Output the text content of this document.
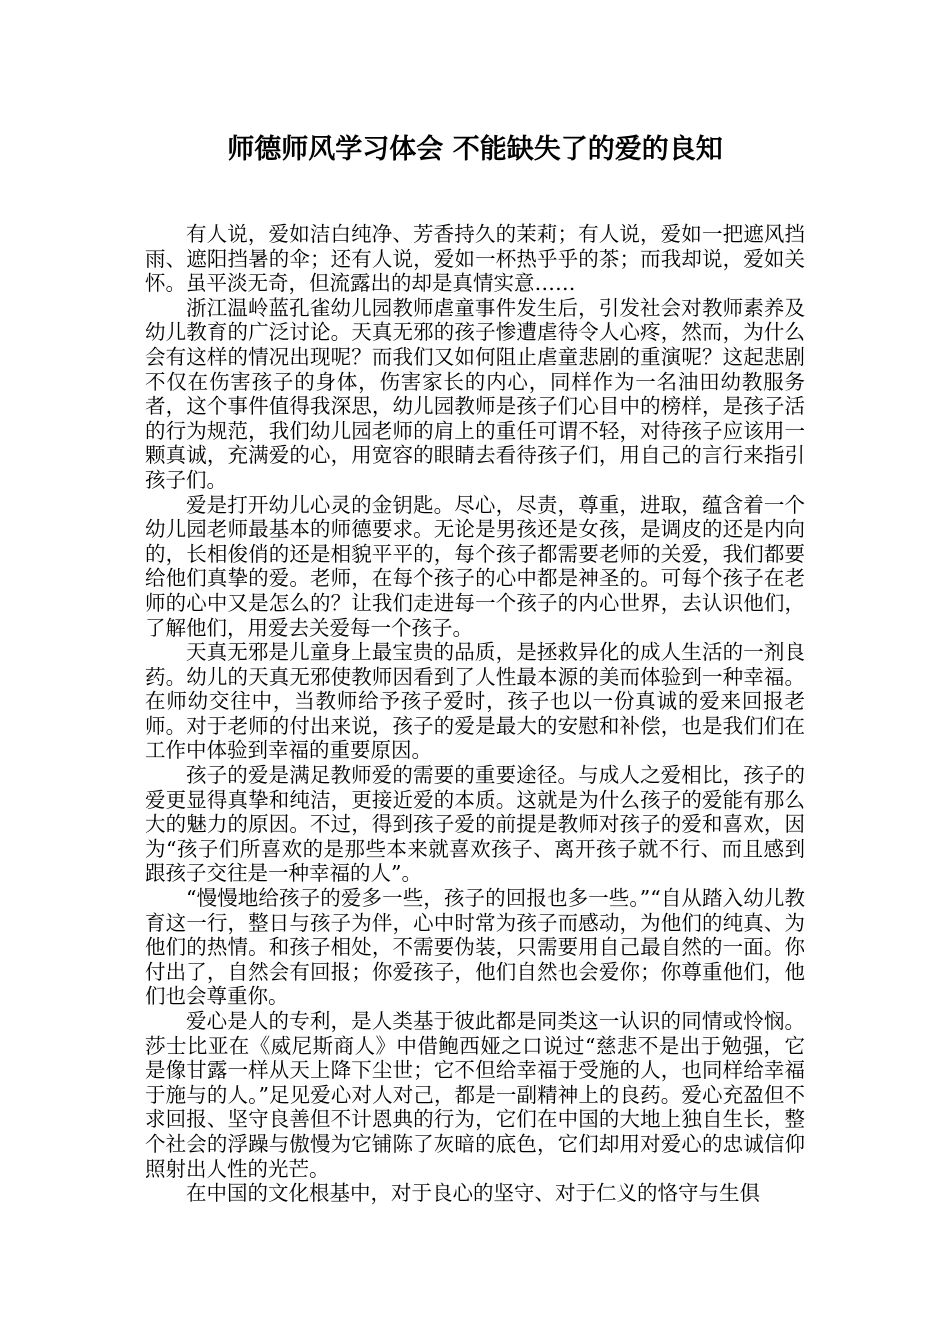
师德师风学习体会 不能缺失了的爱的良知

有人说，爱如洁白纯净、芳香持久的茉莉；有人说，爱如一把遮风挡雨、遮阳挡暑的伞；还有人说，爱如一杯热乎乎的茶；而我却说，爱如关怀。虽平淡无奇，但流露出的却是真情实意……

浙江温岭蓝孔雀幼儿园教师虐童事件发生后，引发社会对教师素养及幼儿教育的广泛讨论。天真无邪的孩子惨遭虐待令人心疼，然而，为什么会有这样的情况出现呢？而我们又如何阻止虐童悲剧的重演呢？这起悲剧不仅在伤害孩子的身体，伤害家长的内心，同样作为一名油田幼教服务者，这个事件值得我深思，幼儿园教师是孩子们心目中的榜样，是孩子活的行为规范，我们幼儿园老师的肩上的重任可谓不轻，对待孩子应该用一颗真诚，充满爱的心，用宽容的眼睛去看待孩子们，用自己的言行来指引孩子们。

爱是打开幼儿心灵的金钥匙。尽心，尽责，尊重，进取，蕴含着一个幼儿园老师最基本的师德要求。无论是男孩还是女孩，是调皮的还是内向的，长相俊俏的还是相貌平平的，每个孩子都需要老师的关爱，我们都要给他们真挚的爱。老师，在每个孩子的心中都是神圣的。可每个孩子在老师的心中又是怎么的？让我们走进每一个孩子的内心世界，去认识他们，了解他们，用爱去关爱每一个孩子。

天真无邪是儿童身上最宝贵的品质，是拯救异化的成人生活的一剂良药。幼儿的天真无邪使教师因看到了人性最本源的美而体验到一种幸福。在师幼交往中，当教师给予孩子爱时，孩子也以一份真诚的爱来回报老师。对于老师的付出来说，孩子的爱是最大的安慰和补偿，也是我们们在工作中体验到幸福的重要原因。

孩子的爱是满足教师爱的需要的重要途径。与成人之爱相比，孩子的爱更显得真挚和纯洁，更接近爱的本质。这就是为什么孩子的爱能有那么大的魅力的原因。不过，得到孩子爱的前提是教师对孩子的爱和喜欢，因为“孩子们所喜欢的是那些本来就喜欢孩子、离开孩子就不行、而且感到跟孩子交往是一种幸福的人”。

“慢慢地给孩子的爱多一些，孩子的回报也多一些。”“自从踏入幼儿教育这一行，整日与孩子为伴，心中时常为孩子而感动，为他们的纯真、为他们的热情。和孩子相处，不需要伪装，只需要用自己最自然的一面。你付出了，自然会有回报；你爱孩子，他们自然也会爱你；你尊重他们，他们也会尊重你。

爱心是人的专利，是人类基于彼此都是同类这一认识的同情或怜悯。莎士比亚在《威尼斯商人》中借鲍西娅之口说过“慈悲不是出于勉强，它是像甘露一样从天上降下尘世；它不但给幸福于受施的人，也同样给幸福于施与的人。”足见爱心对人对己，都是一副精神上的良药。爱心充盈但不求回报、坚守良善但不计恩典的行为，它们在中国的大地上独自生长，整个社会的浮躁与傲慢为它铺陈了灰暗的底色，它们却用对爱心的忠诚信仰照射出人性的光芒。

在中国的文化根基中，对于良心的坚守、对于仁义的恪守与生俱
